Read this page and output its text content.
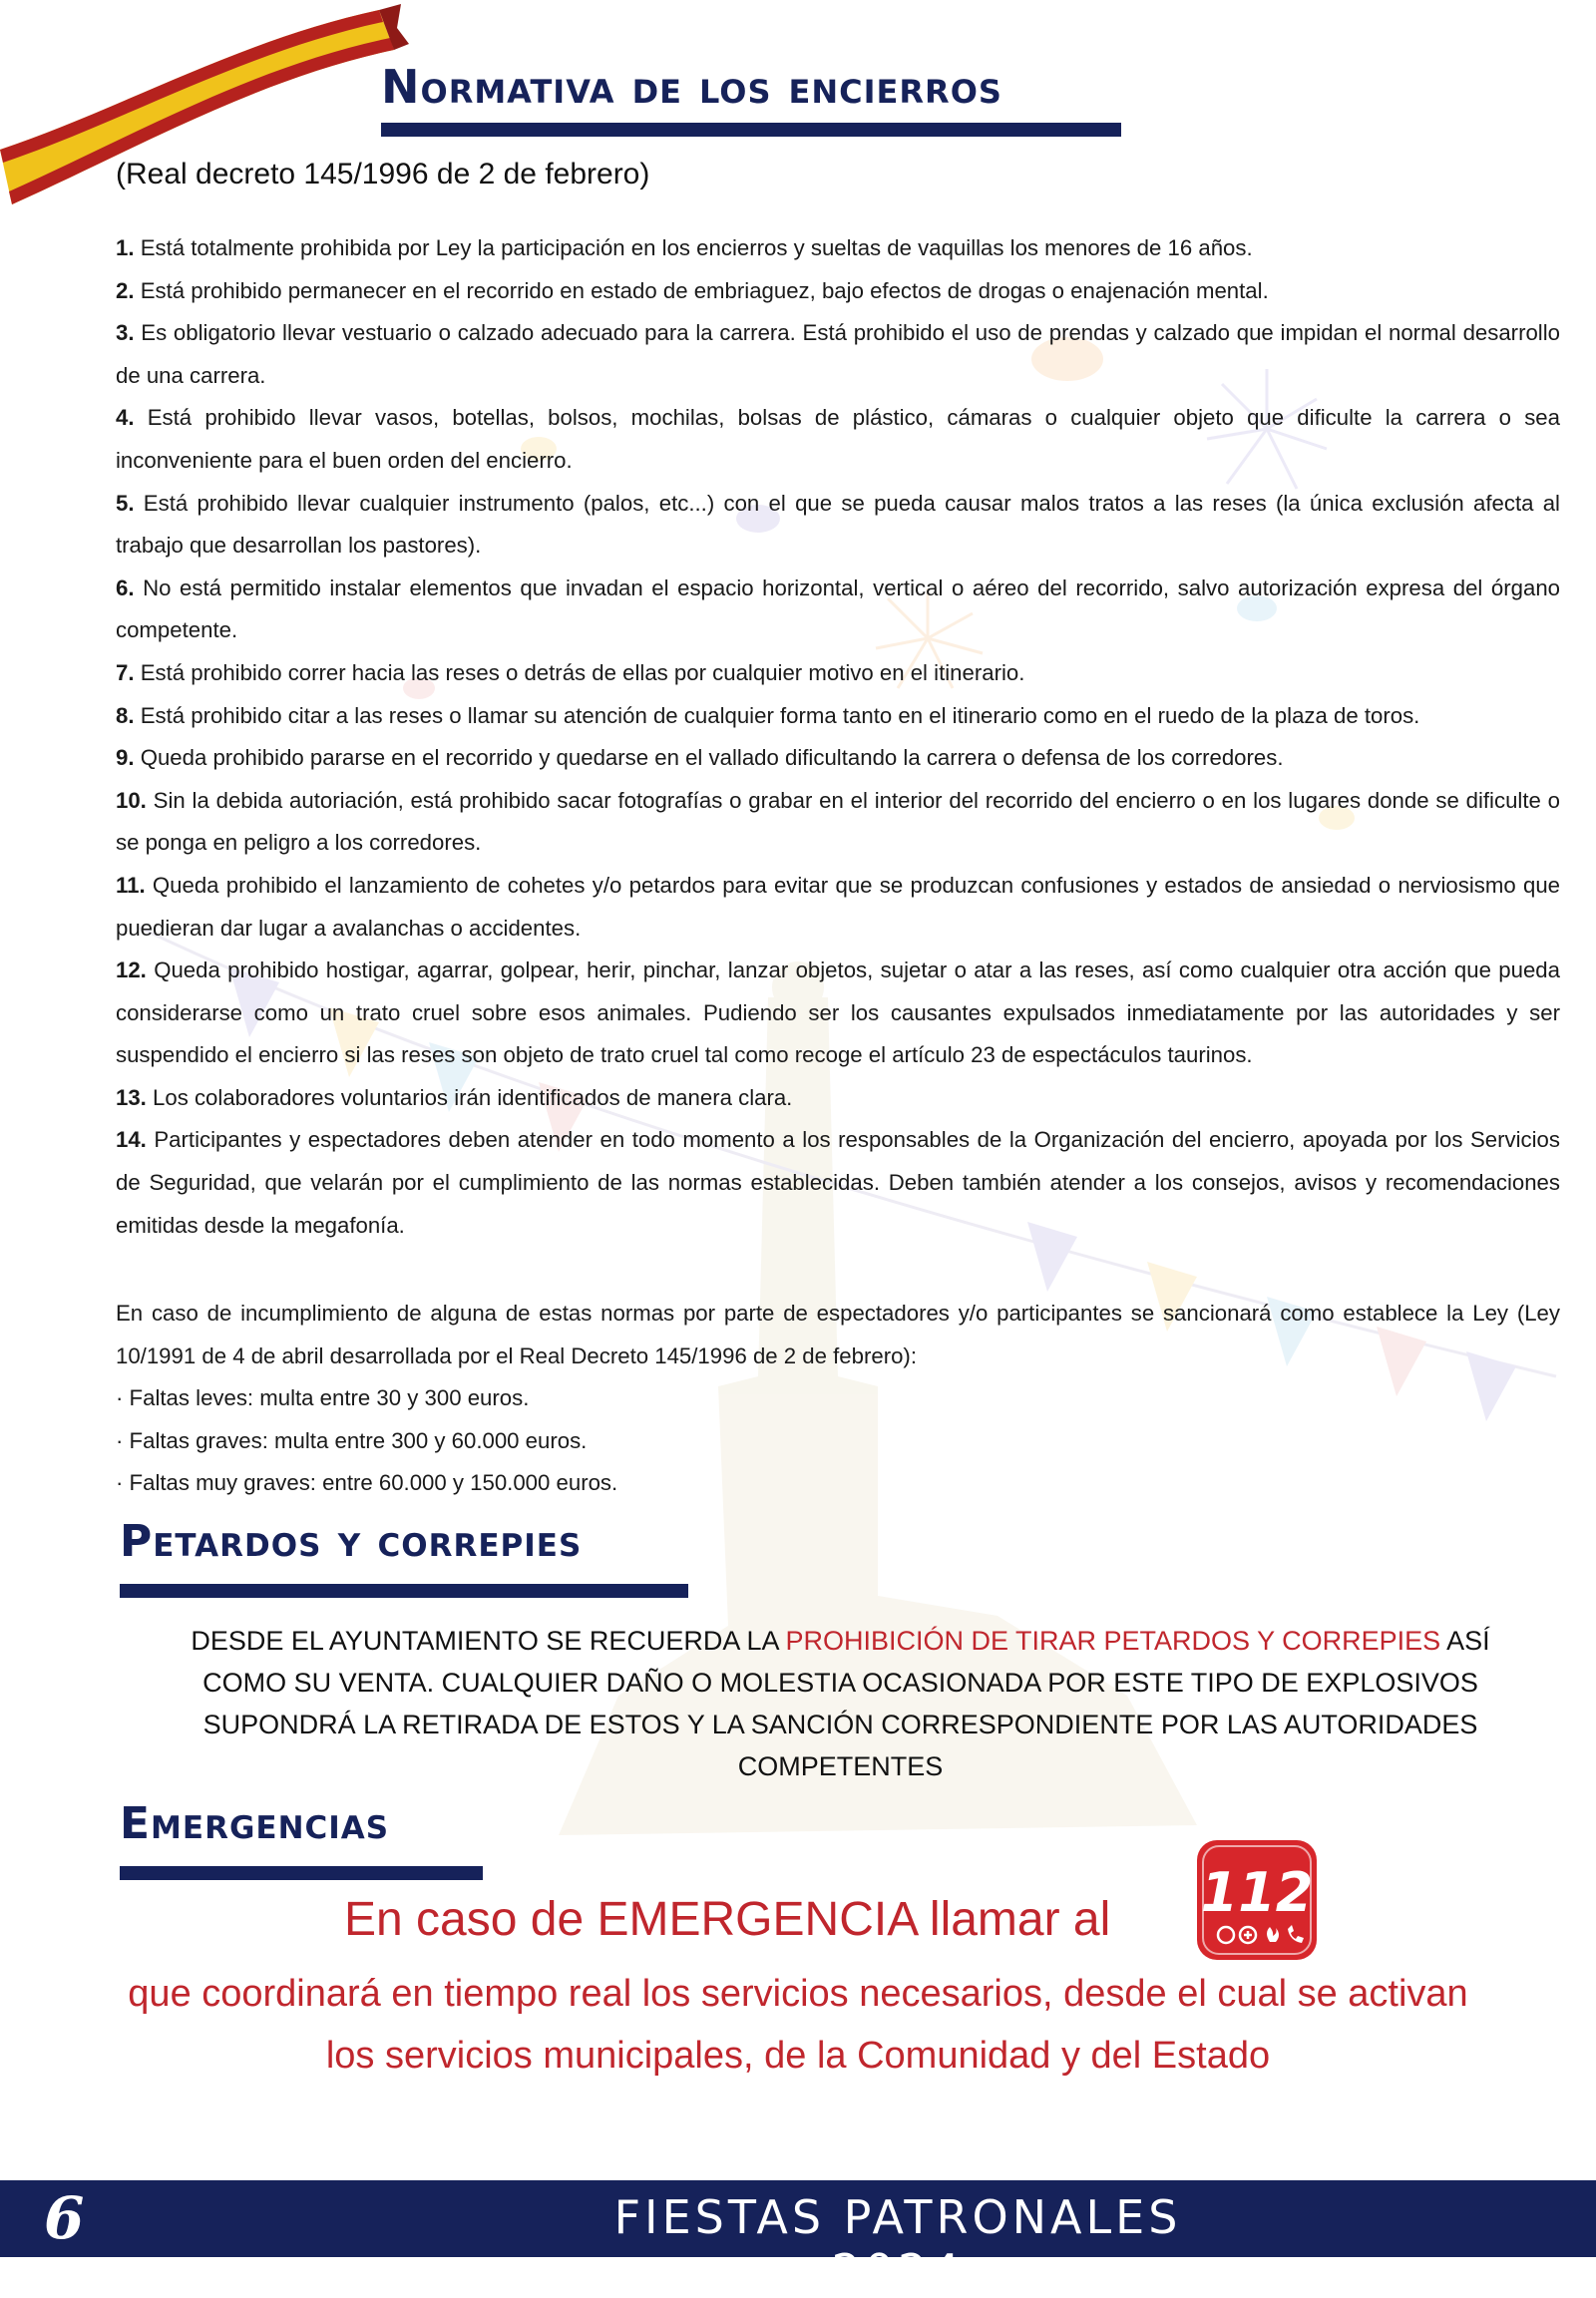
Normativa de los encierros

(Real decreto 145/1996 de 2 de febrero)

1. Está totalmente prohibida por Ley la participación en los encierros y sueltas de vaquillas los menores de 16 años.

2. Está prohibido permanecer en el recorrido en estado de embriaguez, bajo efectos de drogas o enajenación mental.

3. Es obligatorio llevar vestuario o calzado adecuado para la carrera. Está prohibido el uso de prendas y calzado que impidan el normal desarrollo de una carrera.

4. Está prohibido llevar vasos, botellas, bolsos, mochilas, bolsas de plástico, cámaras o cualquier objeto que dificulte la carrera o sea inconveniente para el buen orden del encierro.

5. Está prohibido llevar cualquier instrumento (palos, etc...) con el que se pueda causar malos tratos a las reses (la única exclusión afecta al trabajo que desarrollan los pastores).

6. No está permitido instalar elementos que invadan el espacio horizontal, vertical o aéreo del recorrido, salvo autorización expresa del órgano competente.

7. Está prohibido correr hacia las reses o detrás de ellas por cualquier motivo en el itinerario.

8. Está prohibido citar a las reses o llamar su atención de cualquier forma tanto en el itinerario como en el ruedo de la plaza de toros.

9. Queda prohibido pararse en el recorrido y quedarse en el vallado dificultando la carrera o defensa de los corredores.

10. Sin la debida autoriación, está prohibido sacar fotografías o grabar en el interior del recorrido del encierro o en los lugares donde se dificulte o se ponga en peligro a los corredores.

11. Queda prohibido el lanzamiento de cohetes y/o petardos para evitar que se produzcan confusiones y estados de ansiedad o nerviosismo que puedieran dar lugar a avalanchas o accidentes.

12. Queda prohibido hostigar, agarrar, golpear, herir, pinchar, lanzar objetos, sujetar o atar a las reses, así como cualquier otra acción que pueda considerarse como un trato cruel sobre esos animales. Pudiendo ser los causantes expulsados inmediatamente por las autoridades y ser suspendido el encierro si las reses son objeto de trato cruel tal como recoge el artículo 23 de espectáculos taurinos.

13. Los colaboradores voluntarios irán identificados de manera clara.

14. Participantes y espectadores deben atender en todo momento a los responsables de la Organización del encierro, apoyada por los Servicios de Seguridad, que velarán por el cumplimiento de las normas establecidas. Deben también atender a los consejos, avisos y recomendaciones emitidas desde la megafonía.

En caso de incumplimiento de alguna de estas normas por parte de espectadores y/o participantes se sancionará como establece la Ley (Ley 10/1991 de 4 de abril desarrollada por el Real Decreto 145/1996 de 2 de febrero):

· Faltas leves: multa entre 30 y 300 euros.

· Faltas graves: multa entre 300 y 60.000 euros.

· Faltas muy graves: entre 60.000 y 150.000 euros.

Petardos y correpies

DESDE EL AYUNTAMIENTO SE RECUERDA LA PROHIBICIÓN DE TIRAR PETARDOS Y CORREPIES ASÍ COMO SU VENTA. CUALQUIER DAÑO O MOLESTIA OCASIONADA POR ESTE TIPO DE EXPLOSIVOS SUPONDRÁ LA RETIRADA DE ESTOS Y LA SANCIÓN CORRESPONDIENTE POR LAS AUTORIDADES COMPETENTES

Emergencias

En caso de EMERGENCIA llamar al 112

que coordinará en tiempo real los servicios necesarios, desde el cual se activan los servicios municipales, de la Comunidad y del Estado

6	FIESTAS PATRONALES 2024
